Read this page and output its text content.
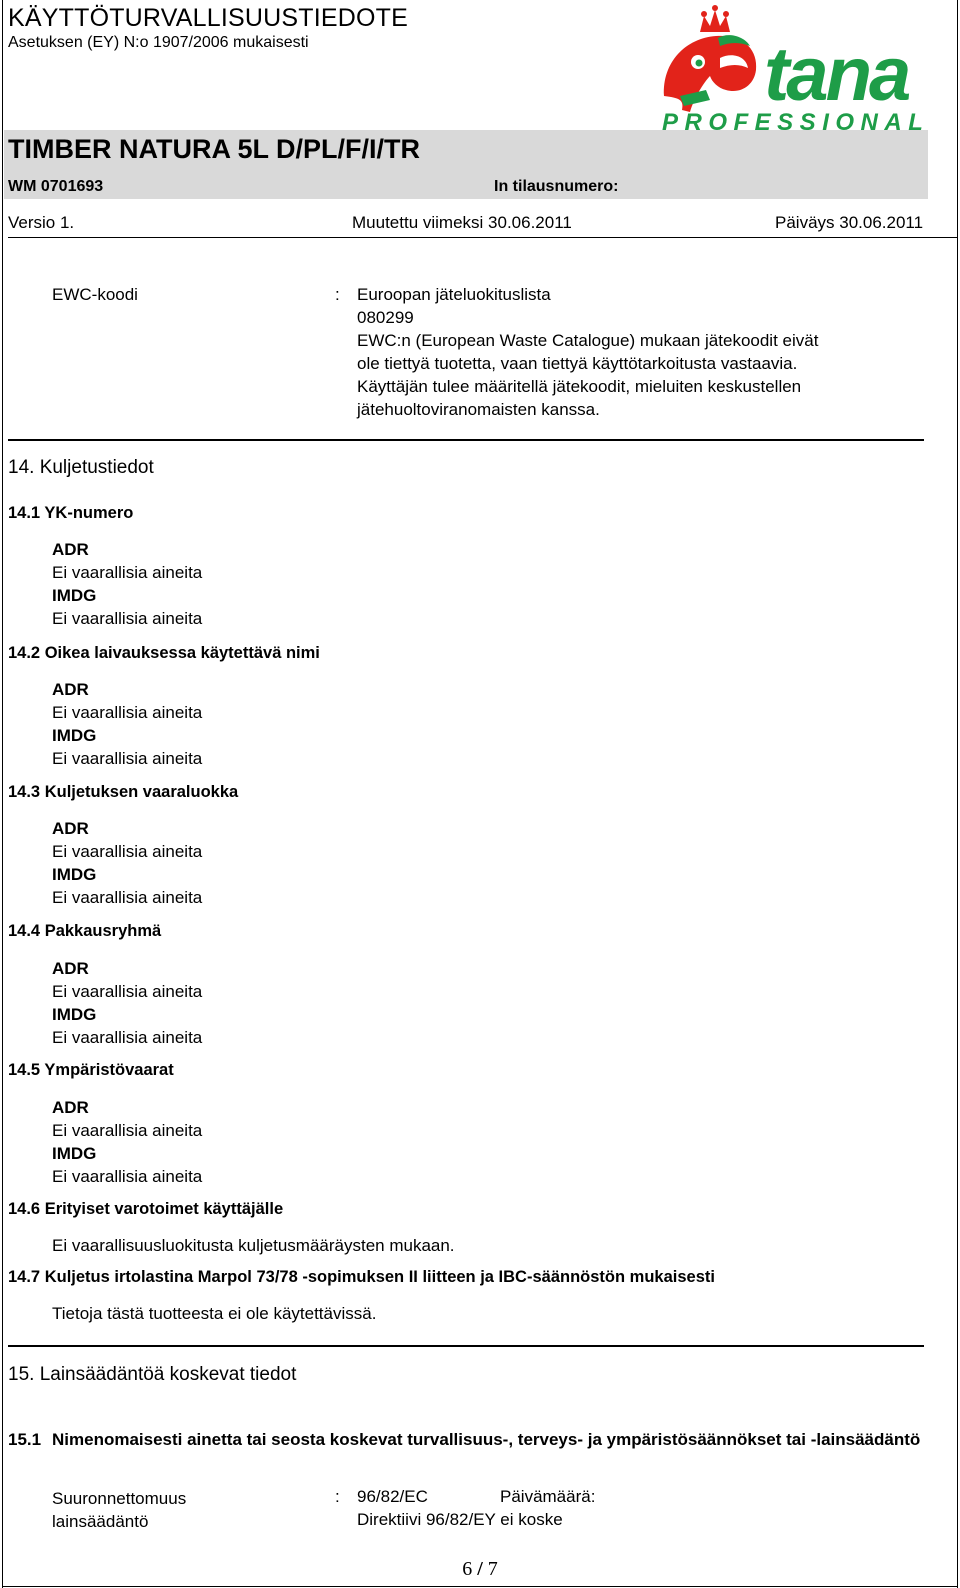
KÄYTTÖTURVALLISUUSTIEDOTE
Asetuksen (EY) N:o 1907/2006 mukaisesti
TIMBER NATURA 5L D/PL/F/I/TR
WM 0701693	In tilausnumero:
Versio 1.	Muutettu viimeksi 30.06.2011	Päiväys 30.06.2011
tana
PROFESSIONAL
EWC-koodi	: Euroopan jäteluokituslista
080299
EWC:n (European Waste Catalogue) mukaan jätekoodit eivät
ole tiettyä tuotetta, vaan tiettyä käyttötarkoitusta vastaavia.
Käyttäjän tulee määritellä jätekoodit, mieluiten keskustellen
jätehuoltoviranomaisten kanssa.
14. Kuljetustiedot
14.1 YK-numero
ADR
Ei vaarallisia aineita
IMDG
Ei vaarallisia aineita
14.2 Oikea laivauksessa käytettävä nimi
ADR
Ei vaarallisia aineita
IMDG
Ei vaarallisia aineita
14.3 Kuljetuksen vaaraluokka
ADR
Ei vaarallisia aineita
IMDG
Ei vaarallisia aineita
14.4 Pakkausryhmä
ADR
Ei vaarallisia aineita
IMDG
Ei vaarallisia aineita
14.5 Ympäristövaarat
ADR
Ei vaarallisia aineita
IMDG
Ei vaarallisia aineita
14.6 Erityiset varotoimet käyttäjälle
Ei vaarallisuusluokitusta kuljetusmääräysten mukaan.
14.7 Kuljetus irtolastina Marpol 73/78 -sopimuksen II liitteen ja IBC-säännöstön mukaisesti
Tietoja tästä tuotteesta ei ole käytettävissä.
15. Lainsäädäntöä koskevat tiedot
15.1 Nimenomaisesti ainetta tai seosta koskevat turvallisuus-, terveys- ja ympäristösäännökset tai -lainsäädäntö
Suuronnettomuus
lainsäädäntö
: 96/82/EC	Päivämäärä:
Direktiivi 96/82/EY ei koske
6 / 7
